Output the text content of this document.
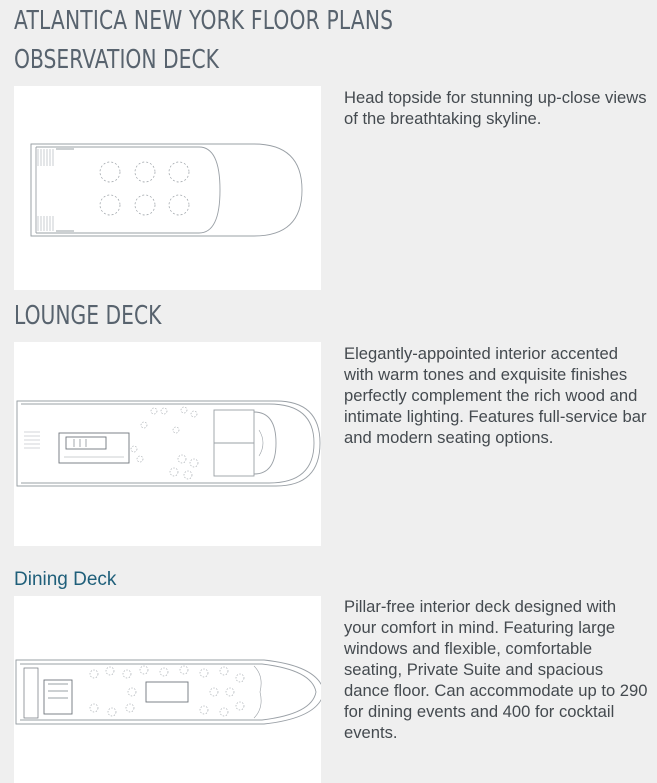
ATLANTICA NEW YORK FLOOR PLANS
OBSERVATION DECK
Head topside for stunning up-close views of the breathtaking skyline.
LOUNGE DECK
Elegantly-appointed interior accented with warm tones and exquisite finishes perfectly complement the rich wood and intimate lighting. Features full-service bar and modern seating options.
Dining Deck
Pillar-free interior deck designed with your comfort in mind. Featuring large windows and flexible, comfortable seating, Private Suite and spacious dance floor. Can accommodate up to 290 for dining events and 400 for cocktail events.
